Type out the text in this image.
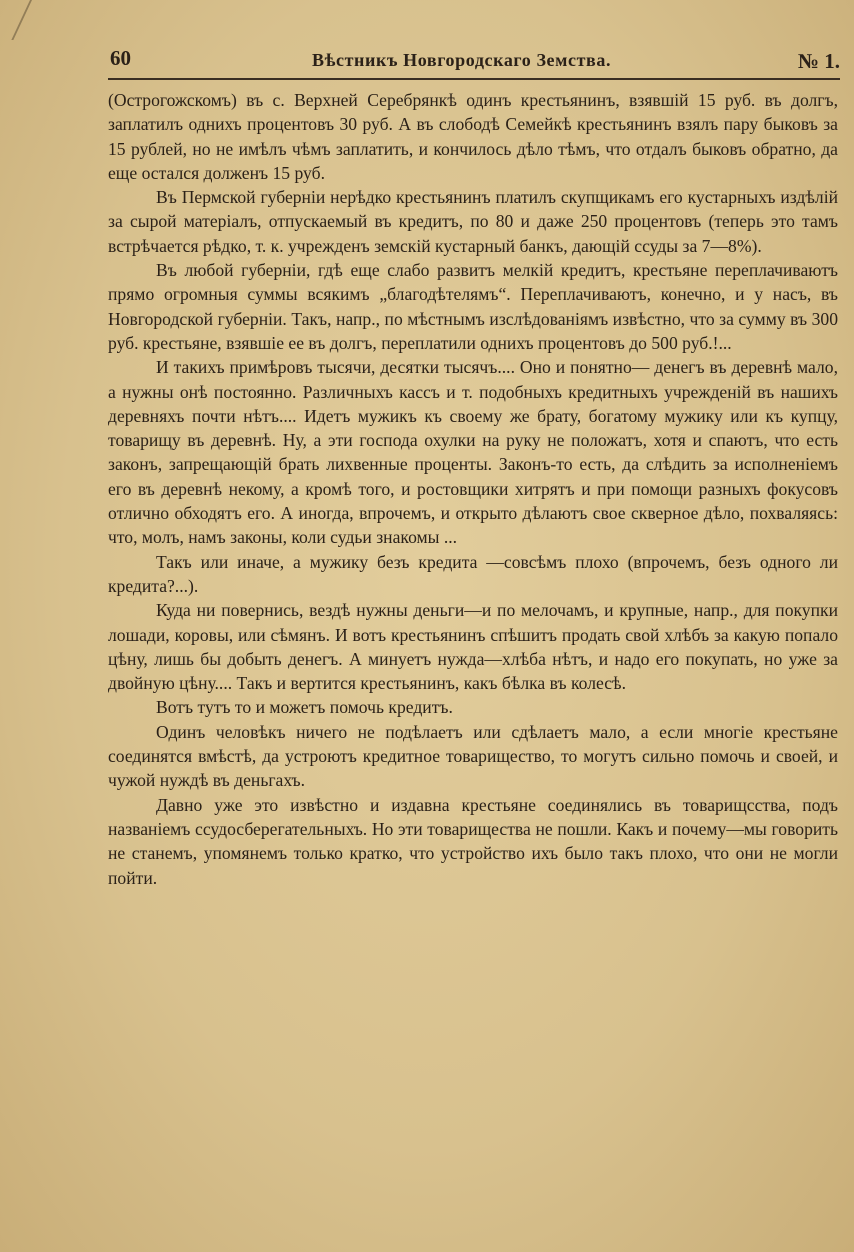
60	Вѣстникъ Новгородскаго Земства.	№ 1.

(Острогожскомъ) въ с. Верхней Серебрянкѣ одинъ крестьянинъ, взявшій 15 руб. въ долгъ, заплатилъ однихъ процентовъ 30 руб. А въ слободѣ Семейкѣ крестьянинъ взялъ пару быковъ за 15 рублей, но не имѣлъ чѣмъ заплатить, и кончилось дѣло тѣмъ, что отдалъ быковъ обратно, да еще остался долженъ 15 руб.

Въ Пермской губерніи нерѣдко крестьянинъ платилъ скупщикамъ его кустарныхъ издѣлій за сырой матеріалъ, отпускаемый въ кредитъ, по 80 и даже 250 процентовъ (теперь это тамъ встрѣчается рѣдко, т. к. учрежденъ земскій кустарный банкъ, дающій ссуды за 7—8%).

Въ любой губерніи, гдѣ еще слабо развитъ мелкій кредитъ, крестьяне переплачиваютъ прямо огромныя суммы всякимъ „благодѣтелямъ“. Переплачиваютъ, конечно, и у насъ, въ Новгородской губерніи. Такъ, напр., по мѣстнымъ изслѣдованіямъ извѣстно, что за сумму въ 300 руб. крестьяне, взявшіе ее въ долгъ, переплатили однихъ процентовъ до 500 руб.!...

И такихъ примѣровъ тысячи, десятки тысячъ.... Оно и понятно— денегъ въ деревнѣ мало, а нужны онѣ постоянно. Различныхъ кассъ и т. подобныхъ кредитныхъ учрежденій въ нашихъ деревняхъ почти нѣтъ.... Идетъ мужикъ къ своему же брату, богатому мужику или къ купцу, товарищу въ деревнѣ. Ну, а эти господа охулки на руку не положатъ, хотя и спаютъ, что есть законъ, запрещающій брать лихвенные проценты. Законъ-то есть, да слѣдить за исполненіемъ его въ деревнѣ некому, а кромѣ того, и ростовщики хитрятъ и при помощи разныхъ фокусовъ отлично обходятъ его. А иногда, впрочемъ, и открыто дѣлаютъ свое скверное дѣло, похваляясь: что, молъ, намъ законы, коли судьи знакомы ...

Такъ или иначе, а мужику безъ кредита —совсѣмъ плохо (впрочемъ, безъ одного ли кредита?...).

Куда ни повернись, вездѣ нужны деньги—и по мелочамъ, и крупные, напр., для покупки лошади, коровы, или сѣмянъ. И вотъ крестьянинъ спѣшитъ продать свой хлѣбъ за какую попало цѣну, лишь бы добыть денегъ. А минуетъ нужда—хлѣба нѣтъ, и надо его покупать, но уже за двойную цѣну.... Такъ и вертится крестьянинъ, какъ бѣлка въ колесѣ.

Вотъ тутъ то и можетъ помочь кредитъ.

Одинъ человѣкъ ничего не подѣлаетъ или сдѣлаетъ мало, а если многіе крестьяне соединятся вмѣстѣ, да устроютъ кредитное товарищество, то могутъ сильно помочь и своей, и чужой нуждѣ въ деньгахъ.

Давно уже это извѣстно и издавна крестьяне соединялись въ товарищсства, подъ названіемъ ссудосберегательныхъ. Но эти товарищества не пошли. Какъ и почему—мы говорить не станемъ, упомянемъ только кратко, что устройство ихъ было такъ плохо, что они не могли пойти.
